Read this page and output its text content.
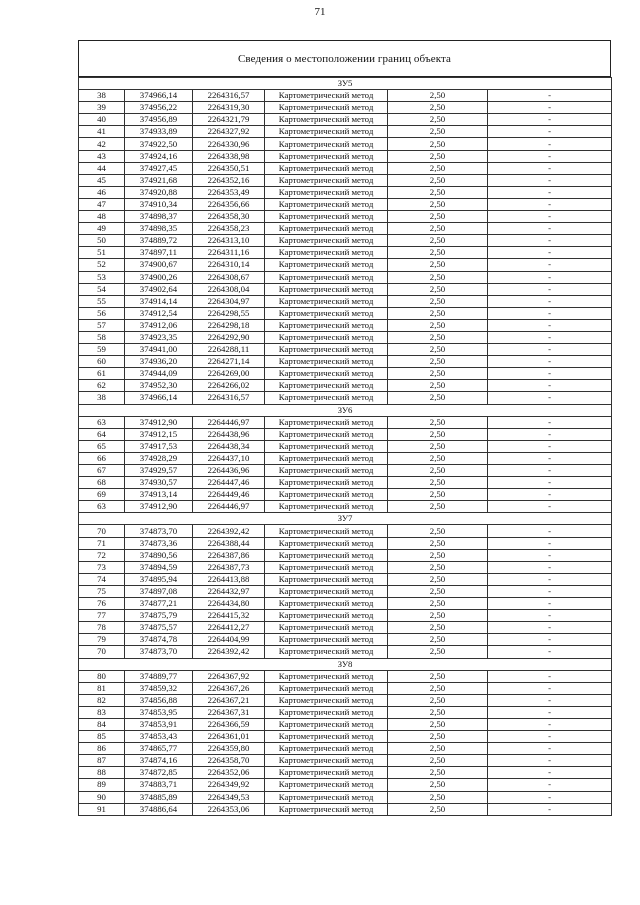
71
Сведения о местоположении границ объекта
ЗУ5					
38	374966,14	2264316,57	Картометрический метод	2,50	-
39	374956,22	2264319,30	Картометрический метод	2,50	-
40	374956,89	2264321,79	Картометрический метод	2,50	-
41	374933,89	2264327,92	Картометрический метод	2,50	-
42	374922,50	2264330,96	Картометрический метод	2,50	-
43	374924,16	2264338,98	Картометрический метод	2,50	-
44	374927,45	2264350,51	Картометрический метод	2,50	-
45	374921,68	2264352,16	Картометрический метод	2,50	-
46	374920,88	2264353,49	Картометрический метод	2,50	-
47	374910,34	2264356,66	Картометрический метод	2,50	-
48	374898,37	2264358,30	Картометрический метод	2,50	-
49	374898,35	2264358,23	Картометрический метод	2,50	-
50	374889,72	2264313,10	Картометрический метод	2,50	-
51	374897,11	2264311,16	Картометрический метод	2,50	-
52	374900,67	2264310,14	Картометрический метод	2,50	-
53	374900,26	2264308,67	Картометрический метод	2,50	-
54	374902,64	2264308,04	Картометрический метод	2,50	-
55	374914,14	2264304,97	Картометрический метод	2,50	-
56	374912,54	2264298,55	Картометрический метод	2,50	-
57	374912,06	2264298,18	Картометрический метод	2,50	-
58	374923,35	2264292,90	Картометрический метод	2,50	-
59	374941,00	2264288,11	Картометрический метод	2,50	-
60	374936,20	2264271,14	Картометрический метод	2,50	-
61	374944,09	2264269,00	Картометрический метод	2,50	-
62	374952,30	2264266,02	Картометрический метод	2,50	-
38	374966,14	2264316,57	Картометрический метод	2,50	-
ЗУ6					
63	374912,90	2264446,97	Картометрический метод	2,50	-
64	374912,15	2264438,96	Картометрический метод	2,50	-
65	374917,53	2264438,34	Картометрический метод	2,50	-
66	374928,29	2264437,10	Картометрический метод	2,50	-
67	374929,57	2264436,96	Картометрический метод	2,50	-
68	374930,57	2264447,46	Картометрический метод	2,50	-
69	374913,14	2264449,46	Картометрический метод	2,50	-
63	374912,90	2264446,97	Картометрический метод	2,50	-
ЗУ7					
70	374873,70	2264392,42	Картометрический метод	2,50	-
71	374873,36	2264388,44	Картометрический метод	2,50	-
72	374890,56	2264387,86	Картометрический метод	2,50	-
73	374894,59	2264387,73	Картометрический метод	2,50	-
74	374895,94	2264413,88	Картометрический метод	2,50	-
75	374897,08	2264432,97	Картометрический метод	2,50	-
76	374877,21	2264434,80	Картометрический метод	2,50	-
77	374875,79	2264415,32	Картометрический метод	2,50	-
78	374875,57	2264412,27	Картометрический метод	2,50	-
79	374874,78	2264404,99	Картометрический метод	2,50	-
70	374873,70	2264392,42	Картометрический метод	2,50	-
ЗУ8					
80	374889,77	2264367,92	Картометрический метод	2,50	-
81	374859,32	2264367,26	Картометрический метод	2,50	-
82	374856,88	2264367,21	Картометрический метод	2,50	-
83	374853,95	2264367,31	Картометрический метод	2,50	-
84	374853,91	2264366,59	Картометрический метод	2,50	-
85	374853,43	2264361,01	Картометрический метод	2,50	-
86	374865,77	2264359,80	Картометрический метод	2,50	-
87	374874,16	2264358,70	Картометрический метод	2,50	-
88	374872,85	2264352,06	Картометрический метод	2,50	-
89	374883,71	2264349,92	Картометрический метод	2,50	-
90	374885,89	2264349,53	Картометрический метод	2,50	-
91	374886,64	2264353,06	Картометрический метод	2,50	-
